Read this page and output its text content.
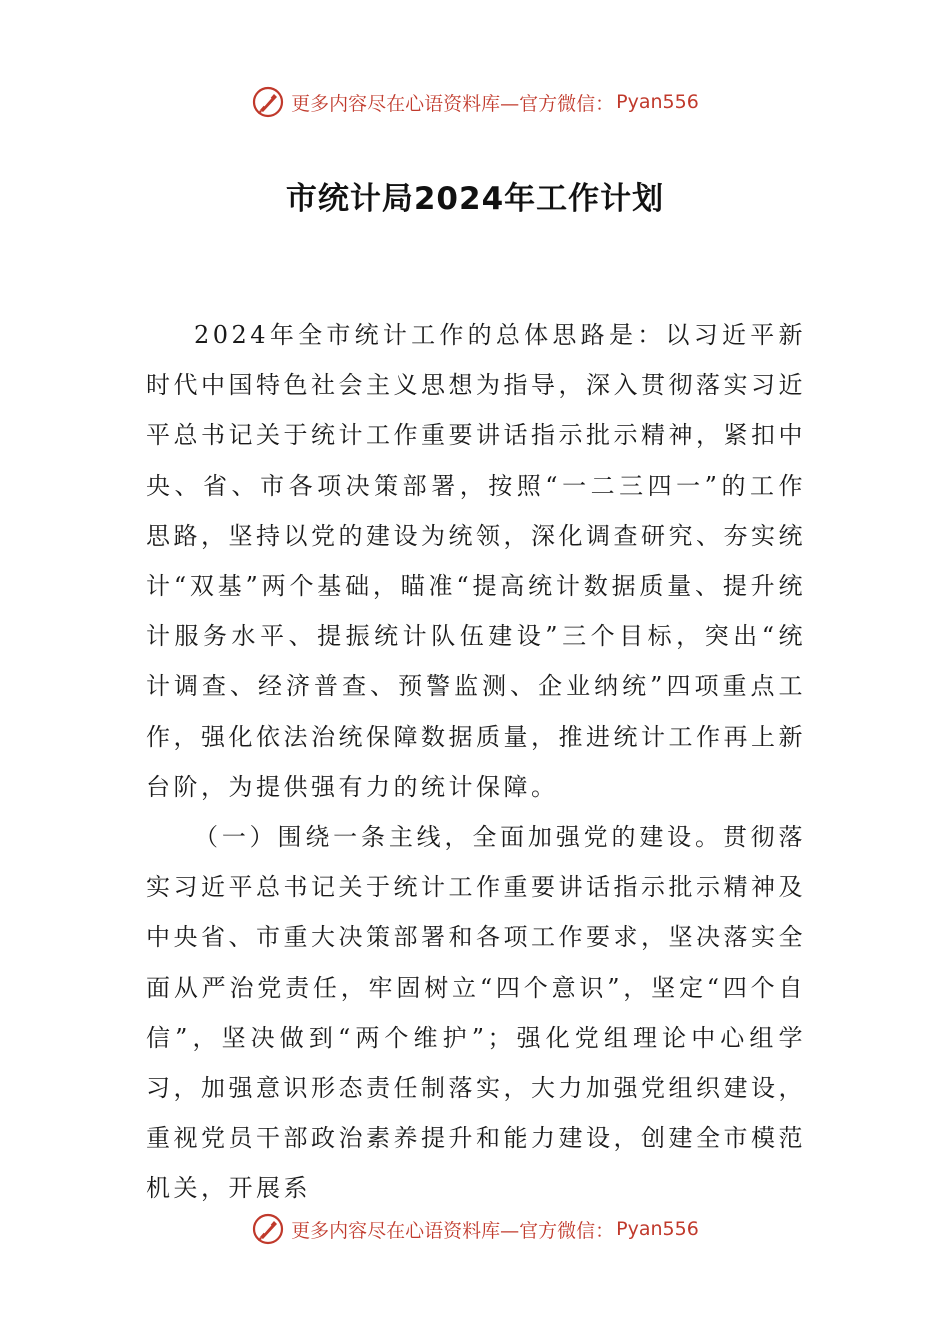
更多内容尽在心语资料库—官方微信： Pyan556
市统计局2024年工作计划

2024年全市统计工作的总体思路是：以习近平新时代中国特色社会主义思想为指导，深入贯彻落实习近平总书记关于统计工作重要讲话指示批示精神，紧扣中央、省、市各项决策部署，按照“一二三四一”的工作思路，坚持以党的建设为统领，深化调查研究、夯实统计“双基”两个基础，瞄准“提高统计数据质量、提升统计服务水平、提振统计队伍建设”三个目标，突出“统计调查、经济普查、预警监测、企业纳统”四项重点工作，强化依法治统保障数据质量，推进统计工作再上新台阶，为提供强有力的统计保障。

（一）围绕一条主线，全面加强党的建设。贯彻落实习近平总书记关于统计工作重要讲话指示批示精神及中央省、市重大决策部署和各项工作要求，坚决落实全面从严治党责任，牢固树立“四个意识”，坚定“四个自信”，坚决做到“两个维护”；强化党组理论中心组学习，加强意识形态责任制落实，大力加强党组织建设，重视党员干部政治素养提升和能力建设，创建全市模范机关，开展系

更多内容尽在心语资料库—官方微信： Pyan556
